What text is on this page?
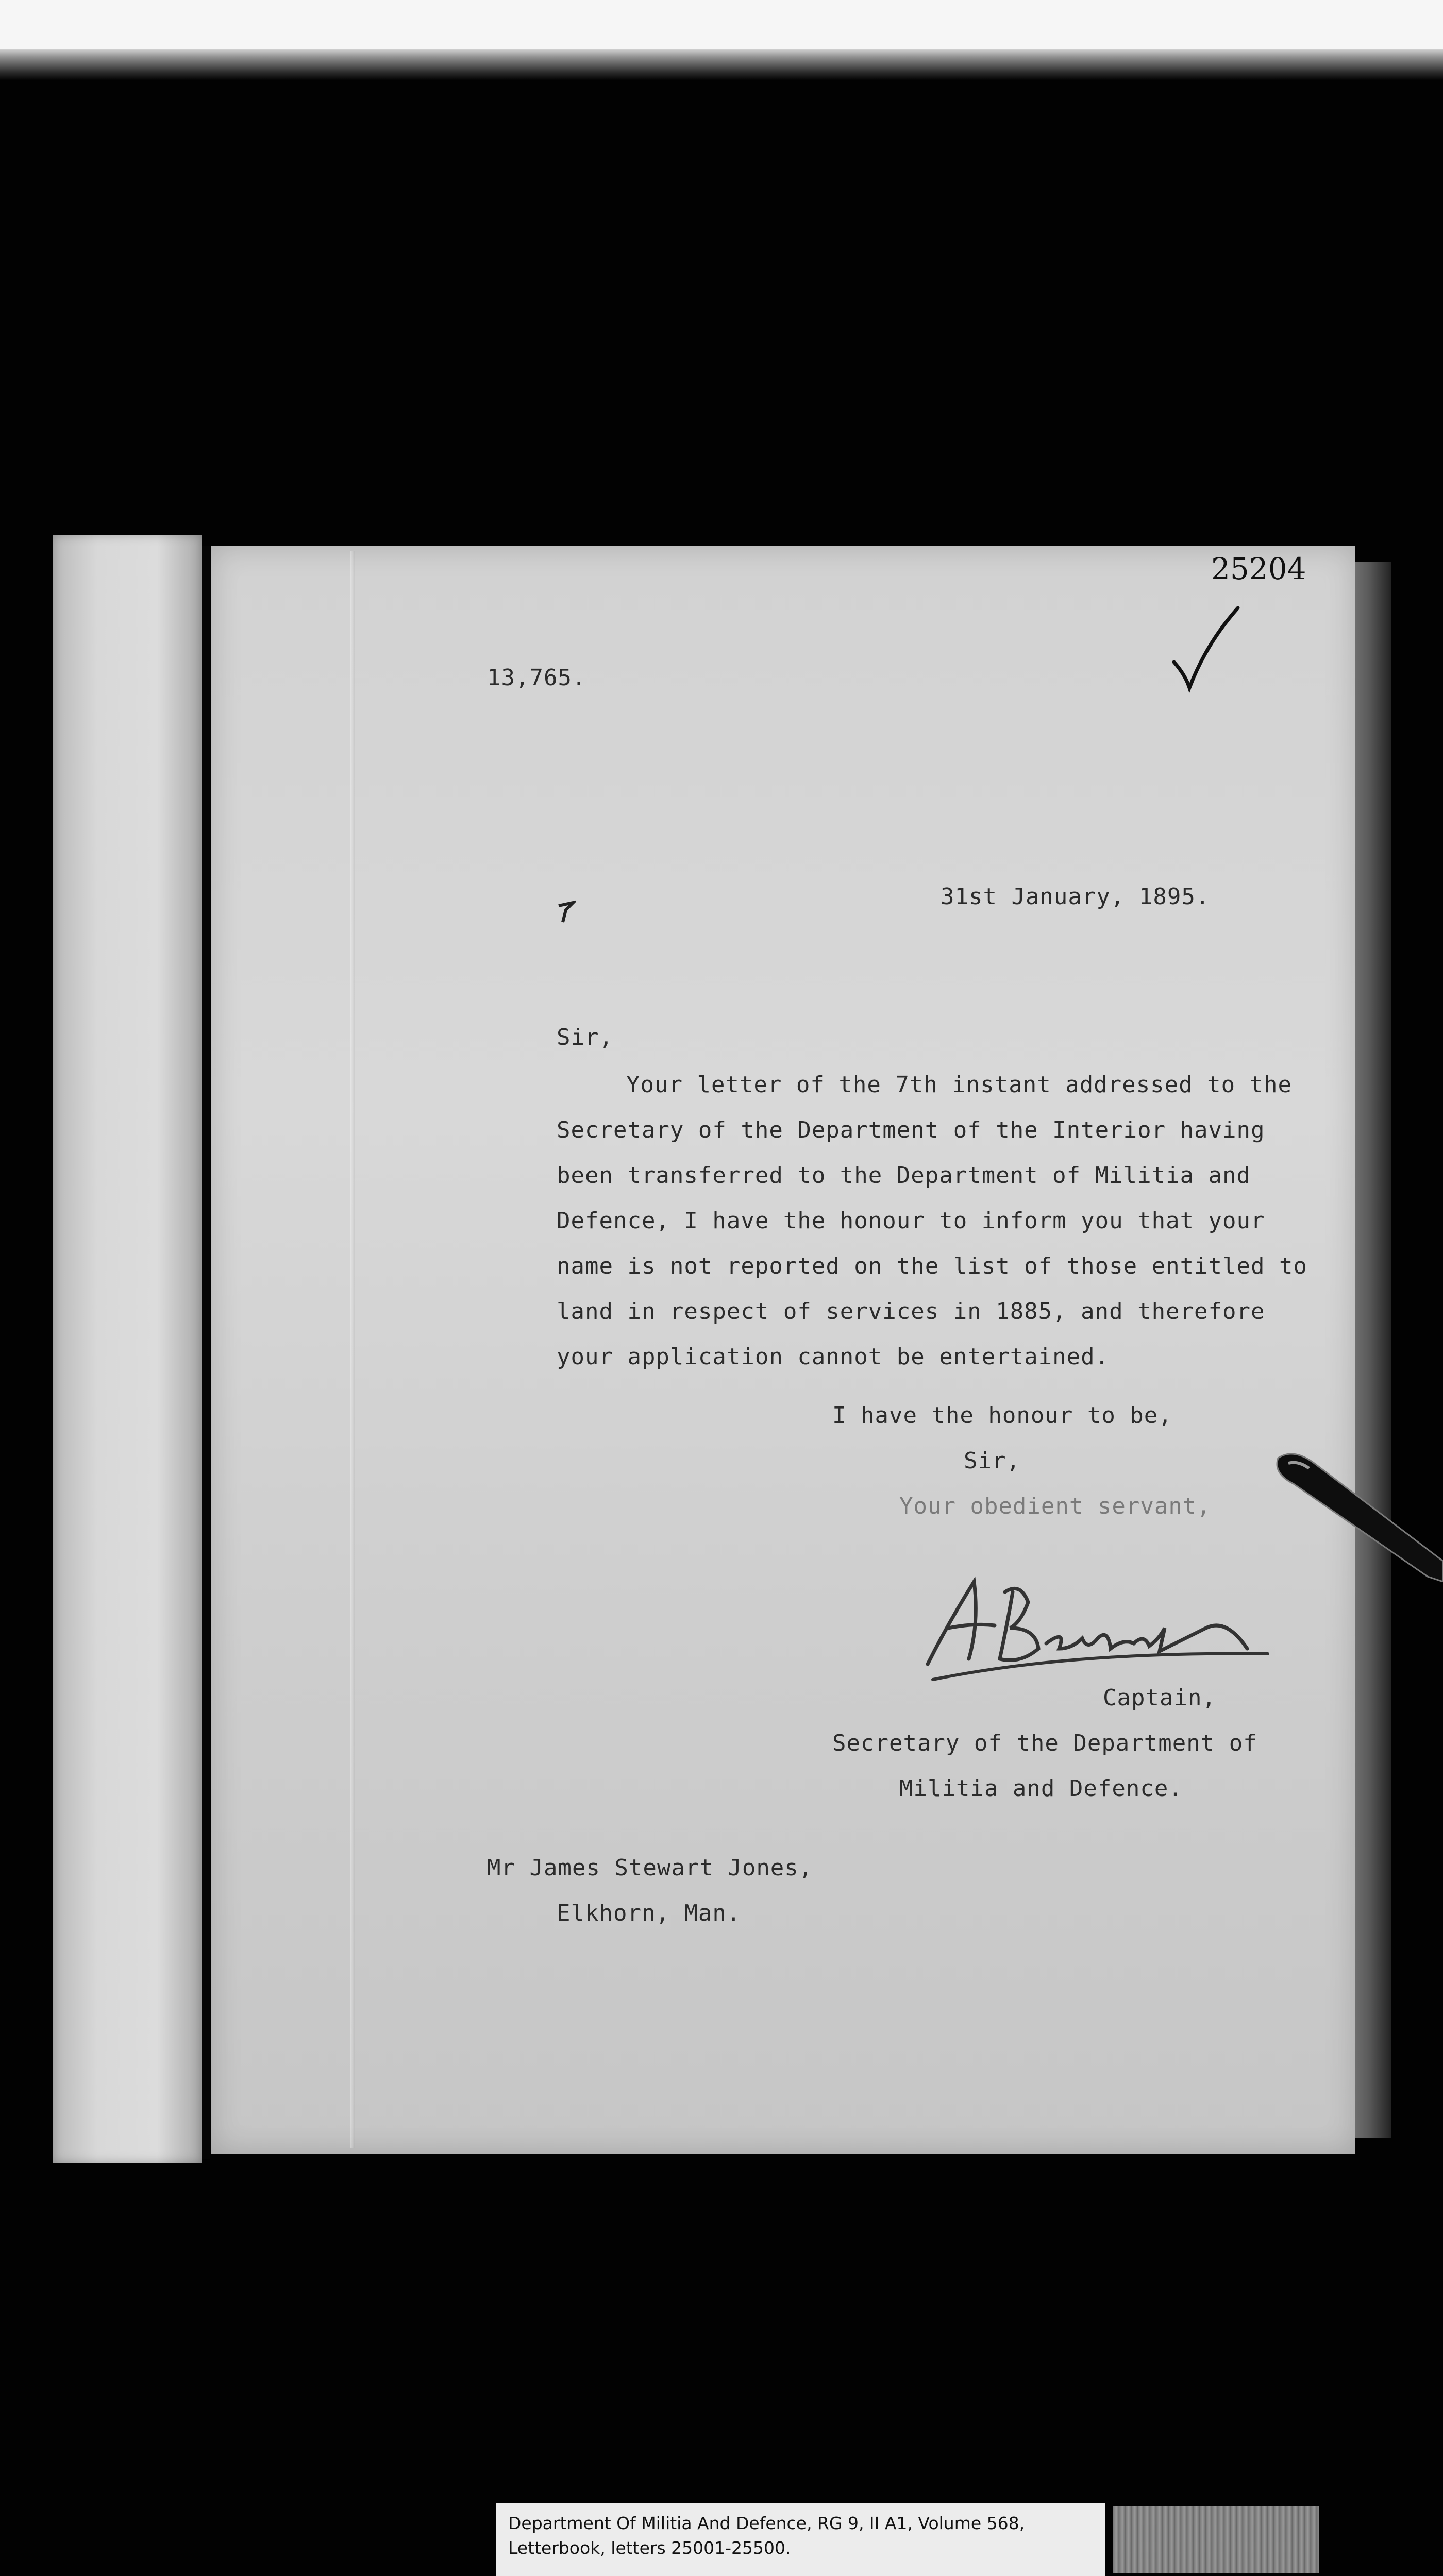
25204
13,765.
31st January, 1895.
Sir,
Your letter of the 7th instant addressed to the
Secretary of the Department of the Interior having
been transferred to the Department of Militia and
Defence, I have the honour to inform you that your
name is not reported on the list of those entitled to
land in respect of services in 1885, and therefore
your application cannot be entertained.
I have the honour to be,
Sir,
Your obedient servant,
Captain,
Secretary of the Department of
Militia and Defence.
Mr James Stewart Jones,
Elkhorn, Man.
Department Of Militia And Defence, RG 9, II A1, Volume 568,
Letterbook, letters 25001-25500.
